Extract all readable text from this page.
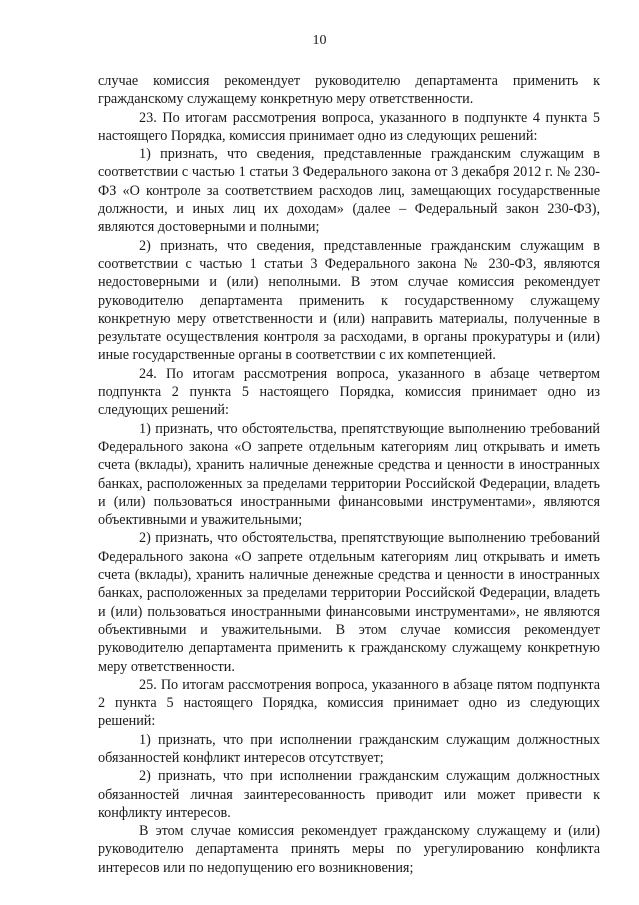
10

случае комиссия рекомендует руководителю департамента применить к гражданскому служащему конкретную меру ответственности.

23. По итогам рассмотрения вопроса, указанного в подпункте 4 пункта 5 настоящего Порядка, комиссия принимает одно из следующих решений:

1) признать, что сведения, представленные гражданским служащим в соответствии с частью 1 статьи 3 Федерального закона от 3 декабря 2012 г. № 230-ФЗ «О контроле за соответствием расходов лиц, замещающих государственные должности, и иных лиц их доходам» (далее – Федеральный закон 230-ФЗ), являются достоверными и полными;

2) признать, что сведения, представленные гражданским служащим в соответствии с частью 1 статьи 3 Федерального закона № 230-ФЗ, являются недостоверными и (или) неполными. В этом случае комиссия рекомендует руководителю департамента применить к государственному служащему конкретную меру ответственности и (или) направить материалы, полученные в результате осуществления контроля за расходами, в органы прокуратуры и (или) иные государственные органы в соответствии с их компетенцией.

24. По итогам рассмотрения вопроса, указанного в абзаце четвертом подпункта 2 пункта 5 настоящего Порядка, комиссия принимает одно из следующих решений:

1) признать, что обстоятельства, препятствующие выполнению требований Федерального закона «О запрете отдельным категориям лиц открывать и иметь счета (вклады), хранить наличные денежные средства и ценности в иностранных банках, расположенных за пределами территории Российской Федерации, владеть и (или) пользоваться иностранными финансовыми инструментами», являются объективными и уважительными;

2) признать, что обстоятельства, препятствующие выполнению требований Федерального закона «О запрете отдельным категориям лиц открывать и иметь счета (вклады), хранить наличные денежные средства и ценности в иностранных банках, расположенных за пределами территории Российской Федерации, владеть и (или) пользоваться иностранными финансовыми инструментами», не являются объективными и уважительными. В этом случае комиссия рекомендует руководителю департамента применить к гражданскому служащему конкретную меру ответственности.

25. По итогам рассмотрения вопроса, указанного в абзаце пятом подпункта 2 пункта 5 настоящего Порядка, комиссия принимает одно из следующих решений:

1) признать, что при исполнении гражданским служащим должностных обязанностей конфликт интересов отсутствует;

2) признать, что при исполнении гражданским служащим должностных обязанностей личная заинтересованность приводит или может привести к конфликту интересов.

В этом случае комиссия рекомендует гражданскому служащему и (или) руководителю департамента принять меры по урегулированию конфликта интересов или по недопущению его возникновения;
